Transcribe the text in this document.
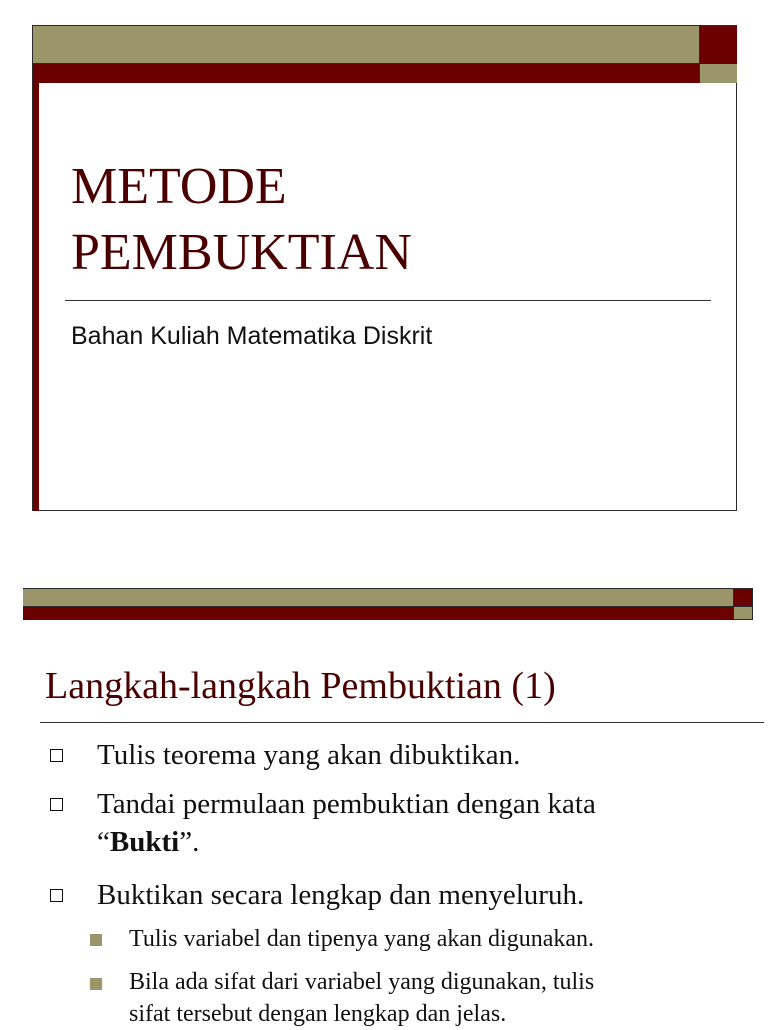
METODE
PEMBUKTIAN
Bahan Kuliah Matematika Diskrit
Langkah-langkah Pembuktian (1)
Tulis teorema yang akan dibuktikan.
Tandai permulaan pembuktian dengan kata
“Bukti”.
Buktikan secara lengkap dan menyeluruh.
Tulis variabel dan tipenya yang akan digunakan.
Bila ada sifat dari variabel yang digunakan, tulis
sifat tersebut dengan lengkap dan jelas.
